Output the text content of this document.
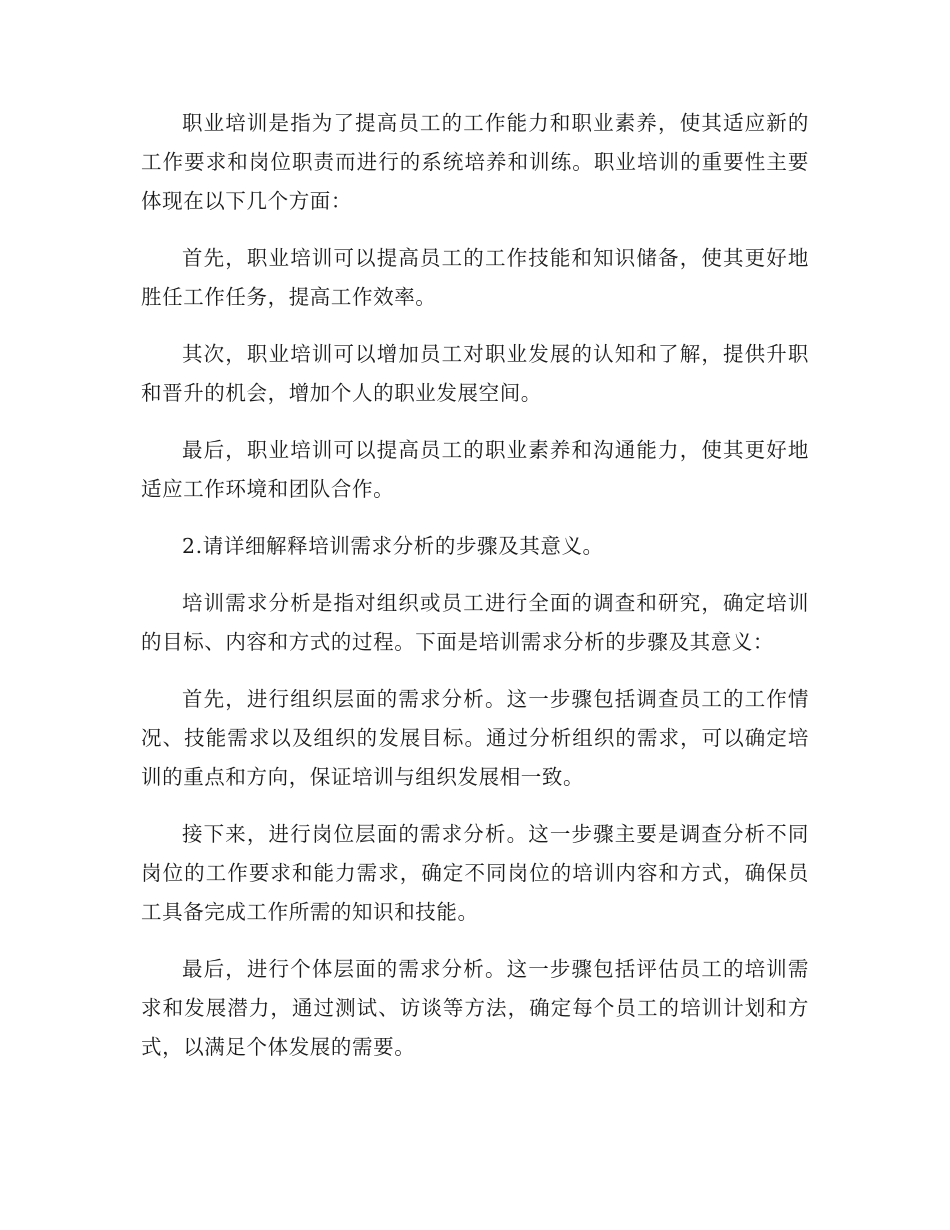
职业培训是指为了提高员工的工作能力和职业素养，使其适应新的工作要求和岗位职责而进行的系统培养和训练。职业培训的重要性主要体现在以下几个方面：

首先，职业培训可以提高员工的工作技能和知识储备，使其更好地胜任工作任务，提高工作效率。

其次，职业培训可以增加员工对职业发展的认知和了解，提供升职和晋升的机会，增加个人的职业发展空间。

最后，职业培训可以提高员工的职业素养和沟通能力，使其更好地适应工作环境和团队合作。

2.请详细解释培训需求分析的步骤及其意义。

培训需求分析是指对组织或员工进行全面的调查和研究，确定培训的目标、内容和方式的过程。下面是培训需求分析的步骤及其意义：

首先，进行组织层面的需求分析。这一步骤包括调查员工的工作情况、技能需求以及组织的发展目标。通过分析组织的需求，可以确定培训的重点和方向，保证培训与组织发展相一致。

接下来，进行岗位层面的需求分析。这一步骤主要是调查分析不同岗位的工作要求和能力需求，确定不同岗位的培训内容和方式，确保员工具备完成工作所需的知识和技能。

最后，进行个体层面的需求分析。这一步骤包括评估员工的培训需求和发展潜力，通过测试、访谈等方法，确定每个员工的培训计划和方式，以满足个体发展的需要。
